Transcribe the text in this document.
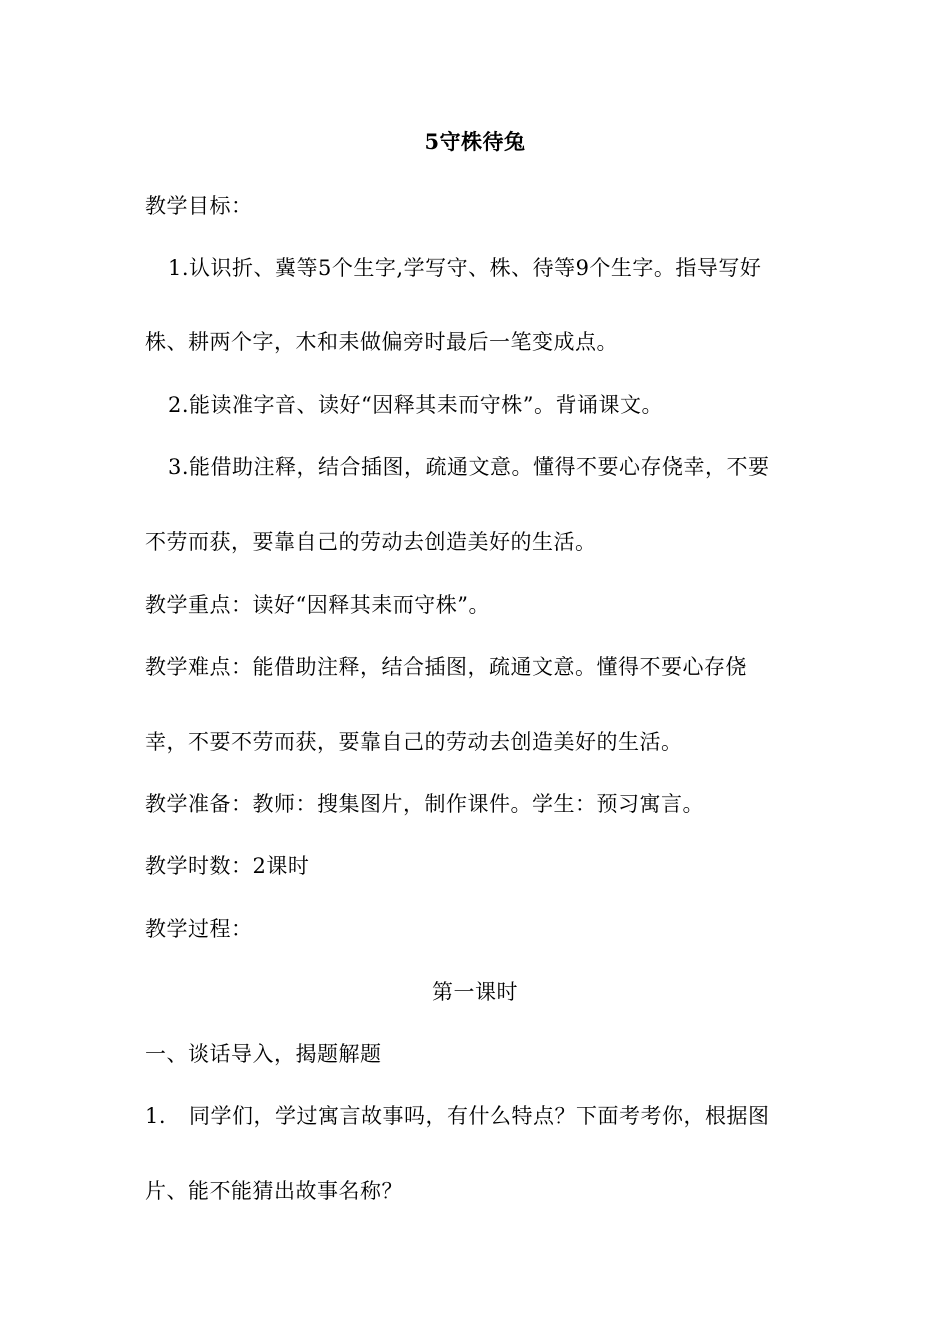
5守株待兔
教学目标：
1.认识折、冀等5个生字,学写守、株、待等9个生字。指导写好
株、耕两个字，木和耒做偏旁时最后一笔变成点。
2.能读准字音、读好“因释其耒而守株”。背诵课文。
3.能借助注释，结合插图，疏通文意。懂得不要心存侥幸，不要
不劳而获，要靠自己的劳动去创造美好的生活。
教学重点：读好“因释其耒而守株”。
教学难点：能借助注释，结合插图，疏通文意。懂得不要心存侥
幸，不要不劳而获，要靠自己的劳动去创造美好的生活。
教学准备：教师：搜集图片，制作课件。学生：预习寓言。
教学时数：2课时
教学过程：
第一课时
一、谈话导入，揭题解题
1. 同学们，学过寓言故事吗，有什么特点？下面考考你，根据图
片、能不能猜出故事名称？
